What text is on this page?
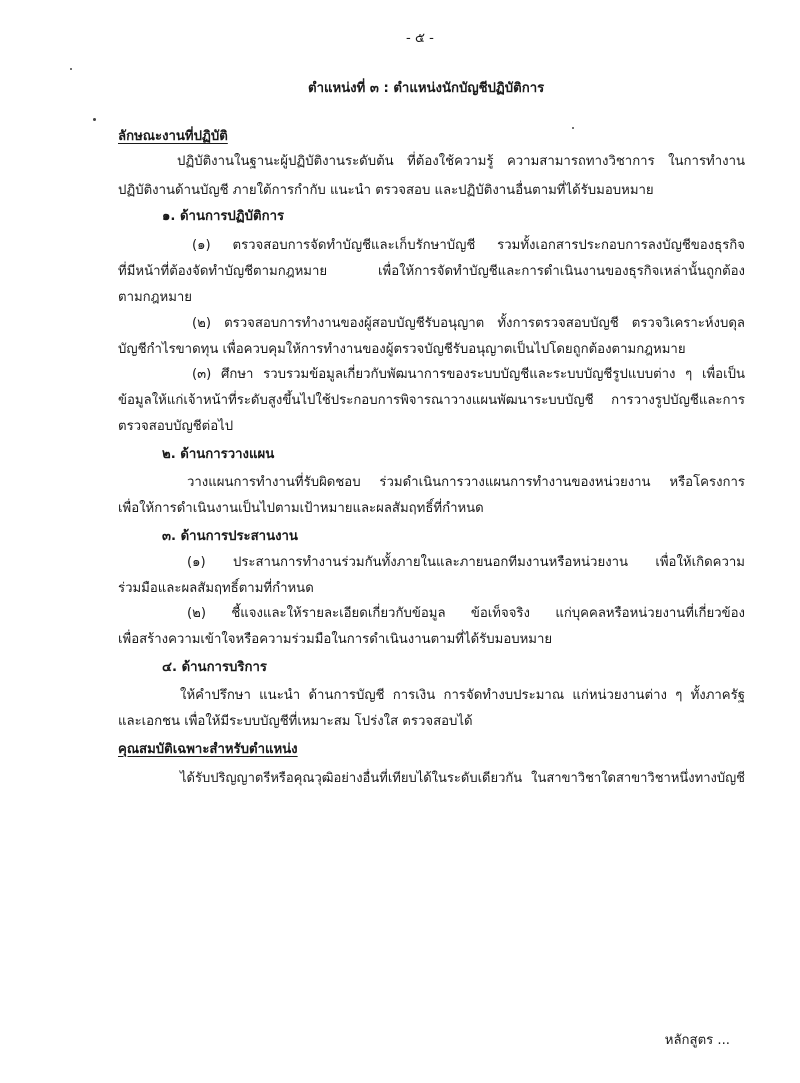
- ๕ -
ตำแหน่งที่ ๓ : ตำแหน่งนักบัญชีปฏิบัติการ
ลักษณะงานที่ปฏิบัติ
ปฏิบัติงานในฐานะผู้ปฏิบัติงานระดับต้น ที่ต้องใช้ความรู้ ความสามารถทางวิชาการ ในการทำงาน
ปฏิบัติงานด้านบัญชี ภายใต้การกำกับ แนะนำ ตรวจสอบ และปฏิบัติงานอื่นตามที่ได้รับมอบหมาย
๑. ด้านการปฏิบัติการ
(๑) ตรวจสอบการจัดทำบัญชีและเก็บรักษาบัญชี รวมทั้งเอกสารประกอบการลงบัญชีของธุรกิจ
ที่มีหน้าที่ต้องจัดทำบัญชีตามกฎหมาย เพื่อให้การจัดทำบัญชีและการดำเนินงานของธุรกิจเหล่านั้นถูกต้อง
ตามกฎหมาย
(๒) ตรวจสอบการทำงานของผู้สอบบัญชีรับอนุญาต ทั้งการตรวจสอบบัญชี ตรวจวิเคราะห์งบดุล
บัญชีกำไรขาดทุน เพื่อควบคุมให้การทำงานของผู้ตรวจบัญชีรับอนุญาตเป็นไปโดยถูกต้องตามกฎหมาย
(๓) ศึกษา รวบรวมข้อมูลเกี่ยวกับพัฒนาการของระบบบัญชีและระบบบัญชีรูปแบบต่าง ๆ เพื่อเป็น
ข้อมูลให้แก่เจ้าหน้าที่ระดับสูงขึ้นไปใช้ประกอบการพิจารณาวางแผนพัฒนาระบบบัญชี การวางรูปบัญชีและการ
ตรวจสอบบัญชีต่อไป
๒. ด้านการวางแผน
วางแผนการทำงานที่รับผิดชอบ ร่วมดำเนินการวางแผนการทำงานของหน่วยงาน หรือโครงการ
เพื่อให้การดำเนินงานเป็นไปตามเป้าหมายและผลสัมฤทธิ์ที่กำหนด
๓. ด้านการประสานงาน
(๑) ประสานการทำงานร่วมกันทั้งภายในและภายนอกทีมงานหรือหน่วยงาน เพื่อให้เกิดความ
ร่วมมือและผลสัมฤทธิ์ตามที่กำหนด
(๒) ชี้แจงและให้รายละเอียดเกี่ยวกับข้อมูล ข้อเท็จจริง แก่บุคคลหรือหน่วยงานที่เกี่ยวข้อง
เพื่อสร้างความเข้าใจหรือความร่วมมือในการดำเนินงานตามที่ได้รับมอบหมาย
๔. ด้านการบริการ
ให้คำปรึกษา แนะนำ ด้านการบัญชี การเงิน การจัดทำงบประมาณ แก่หน่วยงานต่าง ๆ ทั้งภาครัฐ
และเอกชน เพื่อให้มีระบบบัญชีที่เหมาะสม โปร่งใส ตรวจสอบได้
คุณสมบัติเฉพาะสำหรับตำแหน่ง
ได้รับปริญญาตรีหรือคุณวุฒิอย่างอื่นที่เทียบได้ในระดับเดียวกัน ในสาขาวิชาใดสาขาวิชาหนึ่งทางบัญชี
หลักสูตร ...
